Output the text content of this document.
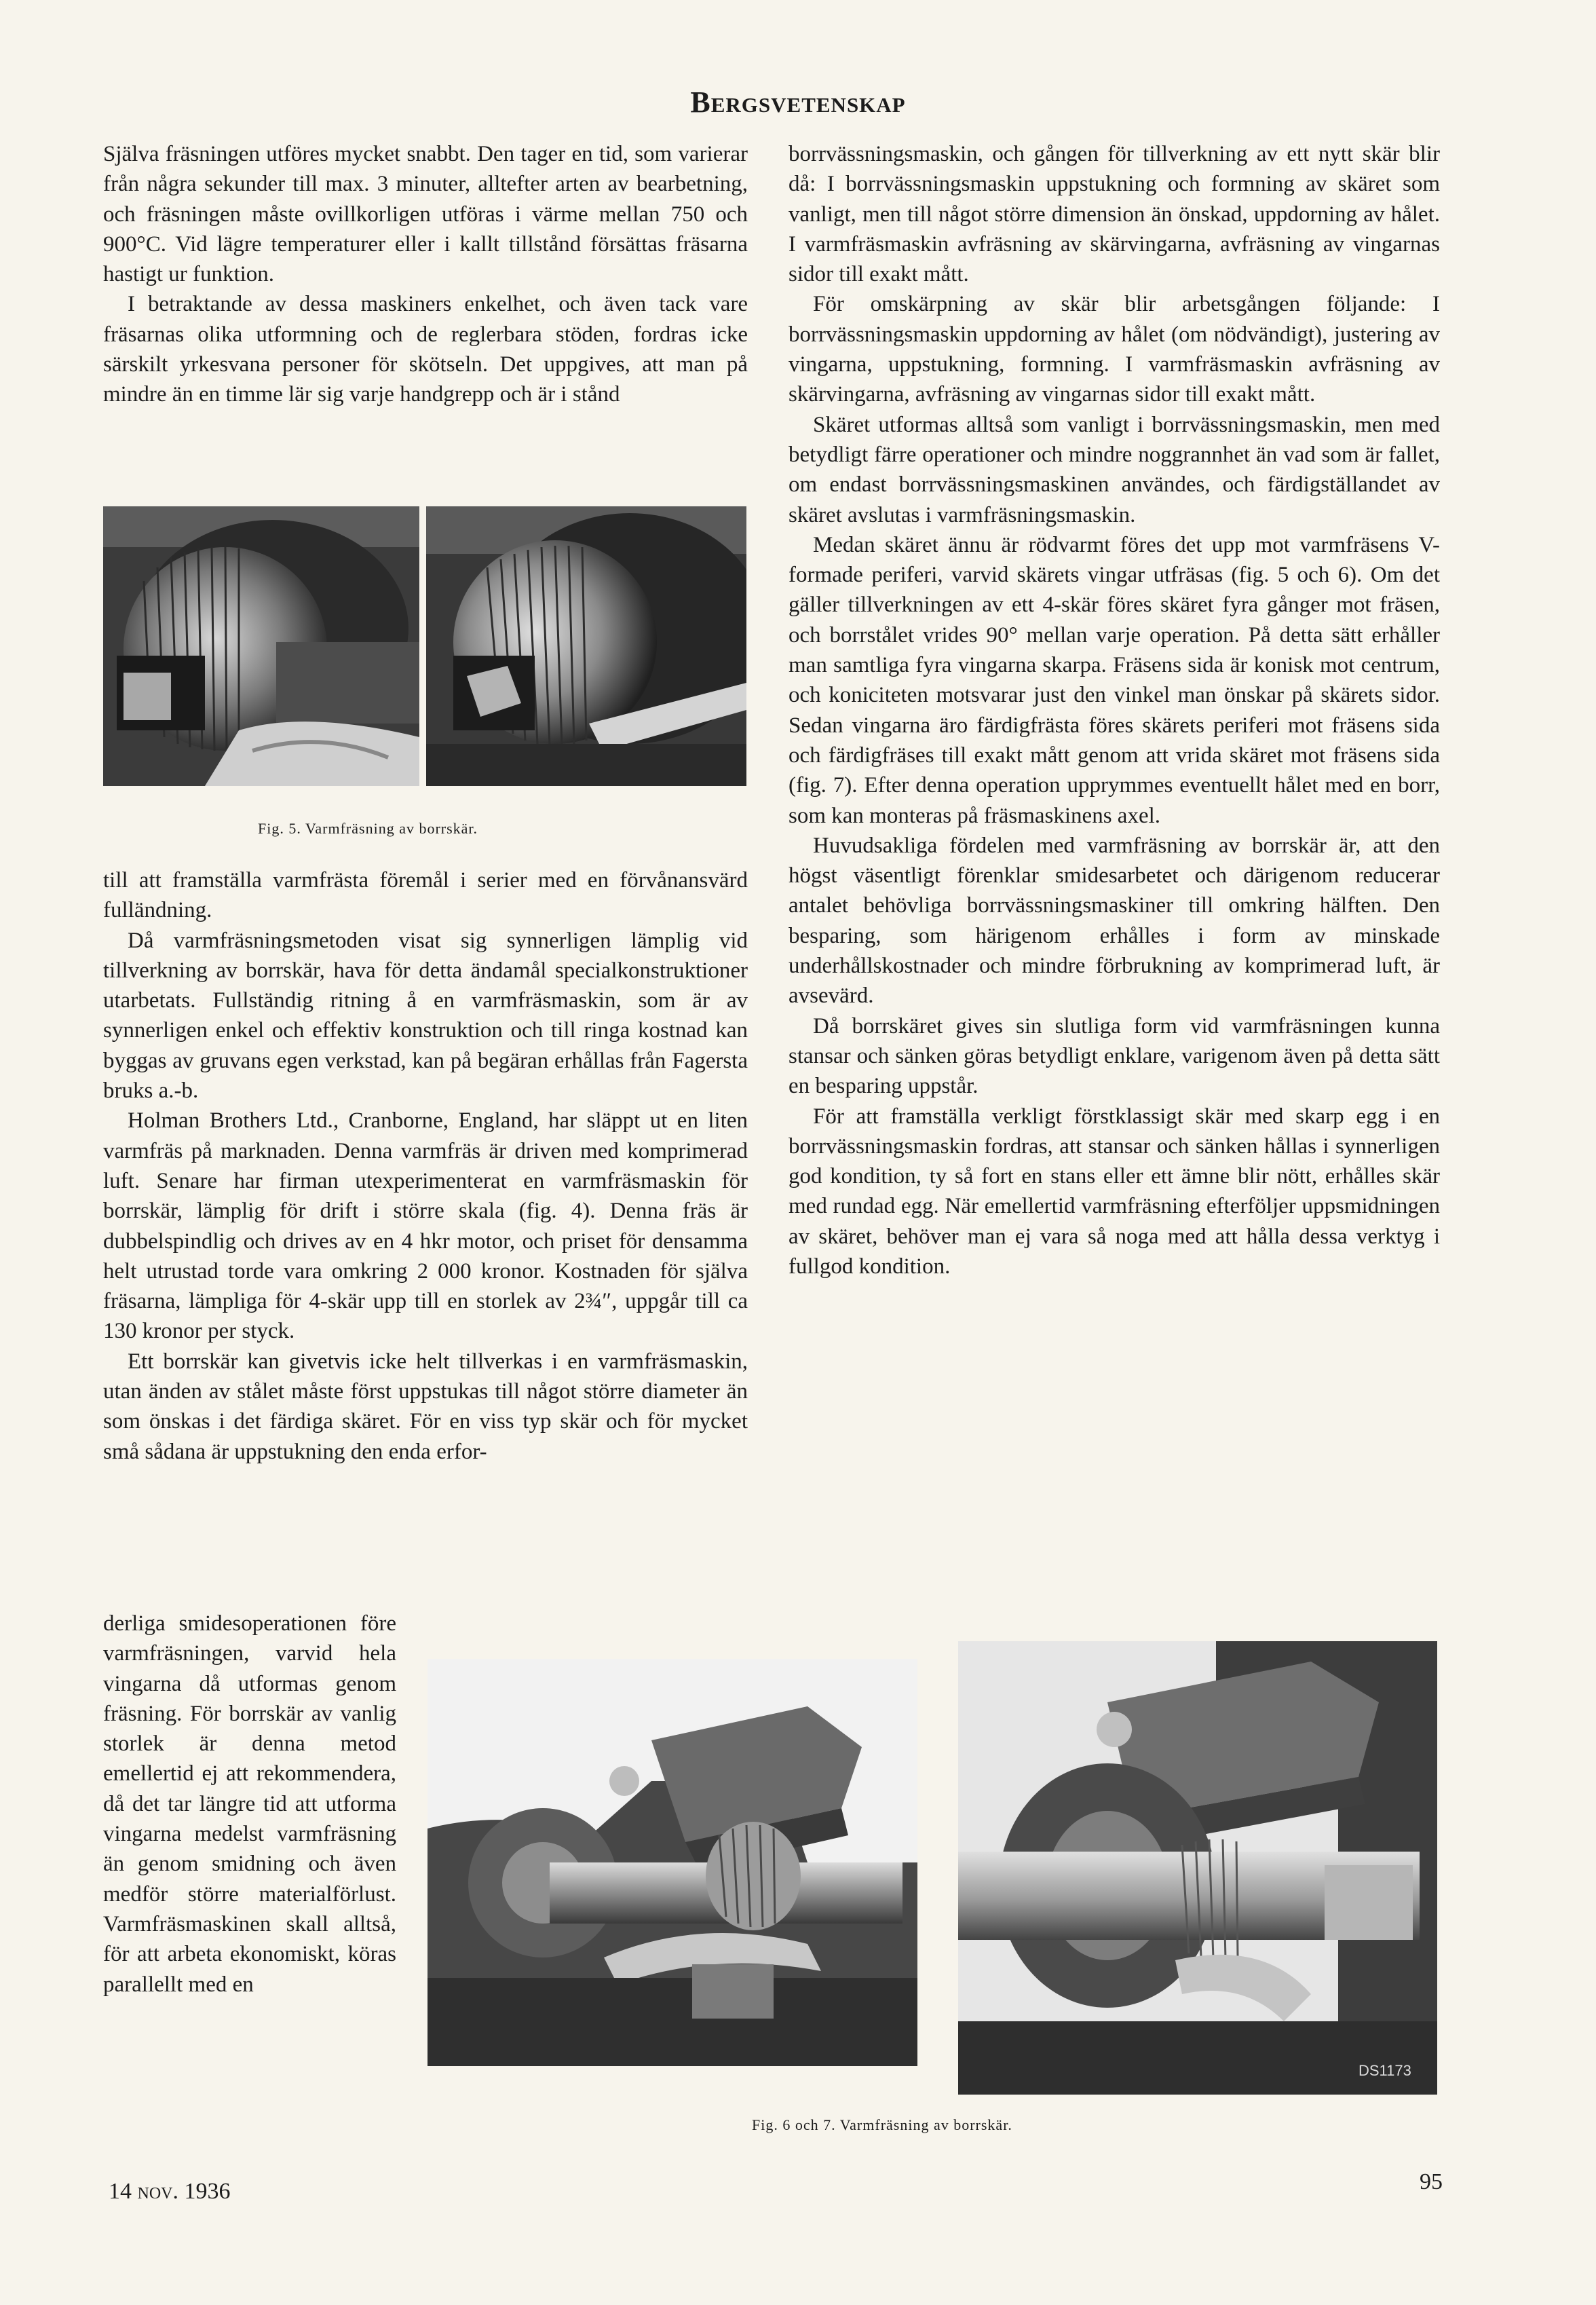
Bergsvetenskap

Själva fräsningen utföres mycket snabbt. Den tager en tid, som varierar från några sekunder till max. 3 minuter, alltefter arten av bearbetning, och fräsningen måste ovillkorligen utföras i värme mellan 750 och 900°C. Vid lägre temperaturer eller i kallt tillstånd försättas fräsarna hastigt ur funktion.

I betraktande av dessa maskiners enkelhet, och även tack vare fräsarnas olika utformning och de reglerbara stöden, fordras icke särskilt yrkesvana personer för skötseln. Det uppgives, att man på mindre än en timme lär sig varje handgrepp och är i stånd

Fig. 5. Varmfräsning av borrskär.

till att framställa varmfrästa föremål i serier med en förvånansvärd fulländning.

Då varmfräsningsmetoden visat sig synnerligen lämplig vid tillverkning av borrskär, hava för detta ändamål specialkonstruktioner utarbetats. Fullständig ritning å en varmfräsmaskin, som är av synnerligen enkel och effektiv konstruktion och till ringa kostnad kan byggas av gruvans egen verkstad, kan på begäran erhållas från Fagersta bruks a.-b.

Holman Brothers Ltd., Cranborne, England, har släppt ut en liten varmfräs på marknaden. Denna varmfräs är driven med komprimerad luft. Senare har firman utexperimenterat en varmfräsmaskin för borrskär, lämplig för drift i större skala (fig. 4). Denna fräs är dubbelspindlig och drives av en 4 hkr motor, och priset för densamma helt utrustad torde vara omkring 2 000 kronor. Kostnaden för själva fräsarna, lämpliga för 4-skär upp till en storlek av 2¾″, uppgår till ca 130 kronor per styck.

Ett borrskär kan givetvis icke helt tillverkas i en varmfräsmaskin, utan änden av stålet måste först uppstukas till något större diameter än som önskas i det färdiga skäret. För en viss typ skär och för mycket små sådana är uppstukning den enda erfor-

derliga smidesoperationen före varmfräsningen, varvid hela vingarna då utformas genom fräsning. För borrskär av vanlig storlek är denna metod emellertid ej att rekommendera, då det tar längre tid att utforma vingarna medelst varmfräsning än genom smidning och även medför större materialförlust. Varmfräsmaskinen skall alltså, för att arbeta ekonomiskt, köras parallellt med en

borrvässningsmaskin, och gången för tillverkning av ett nytt skär blir då: I borrvässningsmaskin uppstukning och formning av skäret som vanligt, men till något större dimension än önskad, uppdorning av hålet. I varmfräsmaskin avfräsning av skärvingarna, avfräsning av vingarnas sidor till exakt mått.

För omskärpning av skär blir arbetsgången följande: I borrvässningsmaskin uppdorning av hålet (om nödvändigt), justering av vingarna, uppstukning, formning. I varmfräsmaskin avfräsning av skärvingarna, avfräsning av vingarnas sidor till exakt mått.

Skäret utformas alltså som vanligt i borrvässningsmaskin, men med betydligt färre operationer och mindre noggrannhet än vad som är fallet, om endast borrvässningsmaskinen användes, och färdigställandet av skäret avslutas i varmfräsningsmaskin.

Medan skäret ännu är rödvarmt föres det upp mot varmfräsens V-formade periferi, varvid skärets vingar utfräsas (fig. 5 och 6). Om det gäller tillverkningen av ett 4-skär föres skäret fyra gånger mot fräsen, och borrstålet vrides 90° mellan varje operation. På detta sätt erhåller man samtliga fyra vingarna skarpa. Fräsens sida är konisk mot centrum, och koniciteten motsvarar just den vinkel man önskar på skärets sidor. Sedan vingarna äro färdigfrästa föres skärets periferi mot fräsens sida och färdigfräses till exakt mått genom att vrida skäret mot fräsens sida (fig. 7). Efter denna operation upprymmes eventuellt hålet med en borr, som kan monteras på fräsmaskinens axel.

Huvudsakliga fördelen med varmfräsning av borrskär är, att den högst väsentligt förenklar smidesarbetet och därigenom reducerar antalet behövliga borrvässningsmaskiner till omkring hälften. Den besparing, som härigenom erhålles i form av minskade underhållskostnader och mindre förbrukning av komprimerad luft, är avsevärd.

Då borrskäret gives sin slutliga form vid varmfräsningen kunna stansar och sänken göras betydligt enklare, varigenom även på detta sätt en besparing uppstår.

För att framställa verkligt förstklassigt skär med skarp egg i en borrvässningsmaskin fordras, att stansar och sänken hållas i synnerligen god kondition, ty så fort en stans eller ett ämne blir nött, erhålles skär med rundad egg. När emellertid varmfräsning efterföljer uppsmidningen av skäret, behöver man ej vara så noga med att hålla dessa verktyg i fullgod kondition.

DS1173
Fig. 6 och 7. Varmfräsning av borrskär.
14 nov. 1936	95
